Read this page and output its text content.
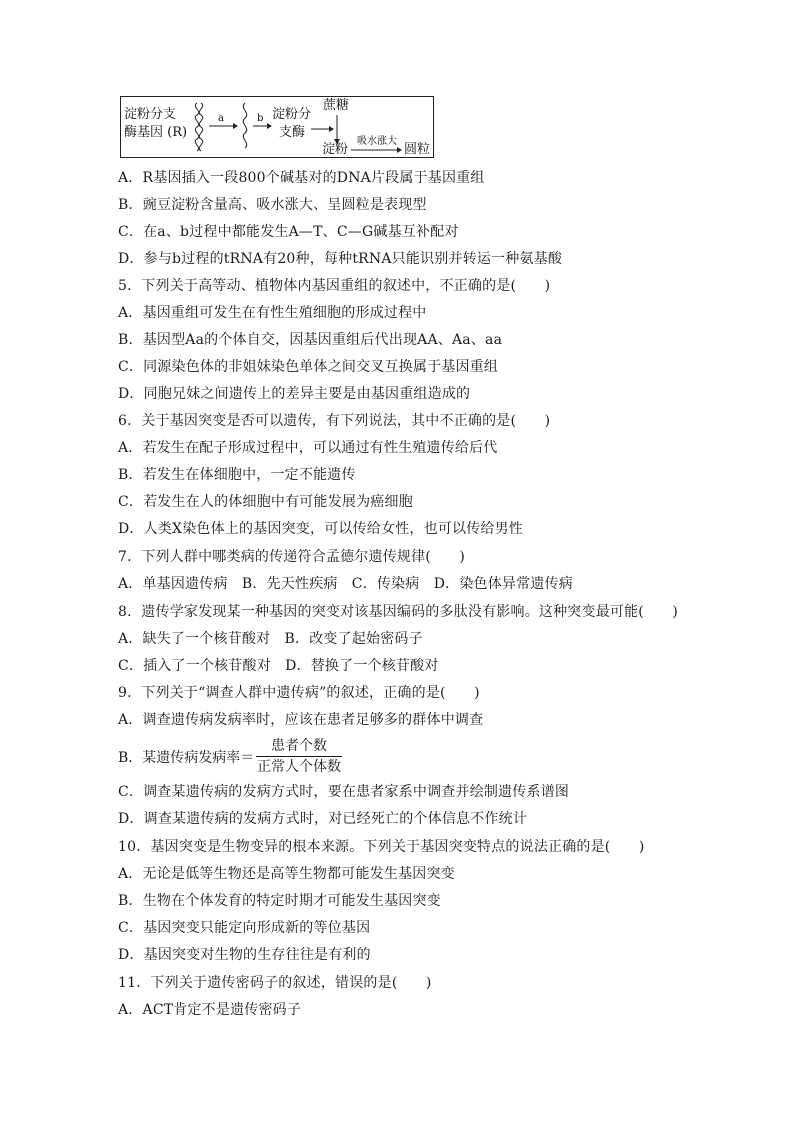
淀粉分支
酶基因 (R)
a	b 淀粉分
支酶
蔗糖
淀粉
吸水涨大
圆粒
A．R基因插入一段800个碱基对的DNA片段属于基因重组
B．豌豆淀粉含量高、吸水涨大、呈圆粒是表现型
C．在a、b过程中都能发生A—T、C—G碱基互补配对
D．参与b过程的tRNA有20种，每种tRNA只能识别并转运一种氨基酸
5．下列关于高等动、植物体内基因重组的叙述中，不正确的是(　　)
A．基因重组可发生在有性生殖细胞的形成过程中
B．基因型Aa的个体自交，因基因重组后代出现AA、Aa、aa
C．同源染色体的非姐妹染色单体之间交叉互换属于基因重组
D．同胞兄妹之间遗传上的差异主要是由基因重组造成的
6．关于基因突变是否可以遗传，有下列说法，其中不正确的是(　　)
A．若发生在配子形成过程中，可以通过有性生殖遗传给后代
B．若发生在体细胞中，一定不能遗传
C．若发生在人的体细胞中有可能发展为癌细胞
D．人类X染色体上的基因突变，可以传给女性，也可以传给男性
7．下列人群中哪类病的传递符合孟德尔遗传规律(　　)
A．单基因遗传病　B．先天性疾病　C．传染病　D．染色体异常遗传病
8．遗传学家发现某一种基因的突变对该基因编码的多肽没有影响。这种突变最可能(　　)
A．缺失了一个核苷酸对　B．改变了起始密码子
C．插入了一个核苷酸对　D．替换了一个核苷酸对
9．下列关于“调查人群中遗传病”的叙述，正确的是(　　)
A．调查遗传病发病率时，应该在患者足够多的群体中调查
B．某遗传病发病率＝
患者个数
正常人个体数
C．调查某遗传病的发病方式时，要在患者家系中调查并绘制遗传系谱图
D．调查某遗传病的发病方式时，对已经死亡的个体信息不作统计
10．基因突变是生物变异的根本来源。下列关于基因突变特点的说法正确的是(　　)
A．无论是低等生物还是高等生物都可能发生基因突变
B．生物在个体发育的特定时期才可能发生基因突变
C．基因突变只能定向形成新的等位基因
D．基因突变对生物的生存往往是有利的
11．下列关于遗传密码子的叙述，错误的是(　　)
A．ACT肯定不是遗传密码子
